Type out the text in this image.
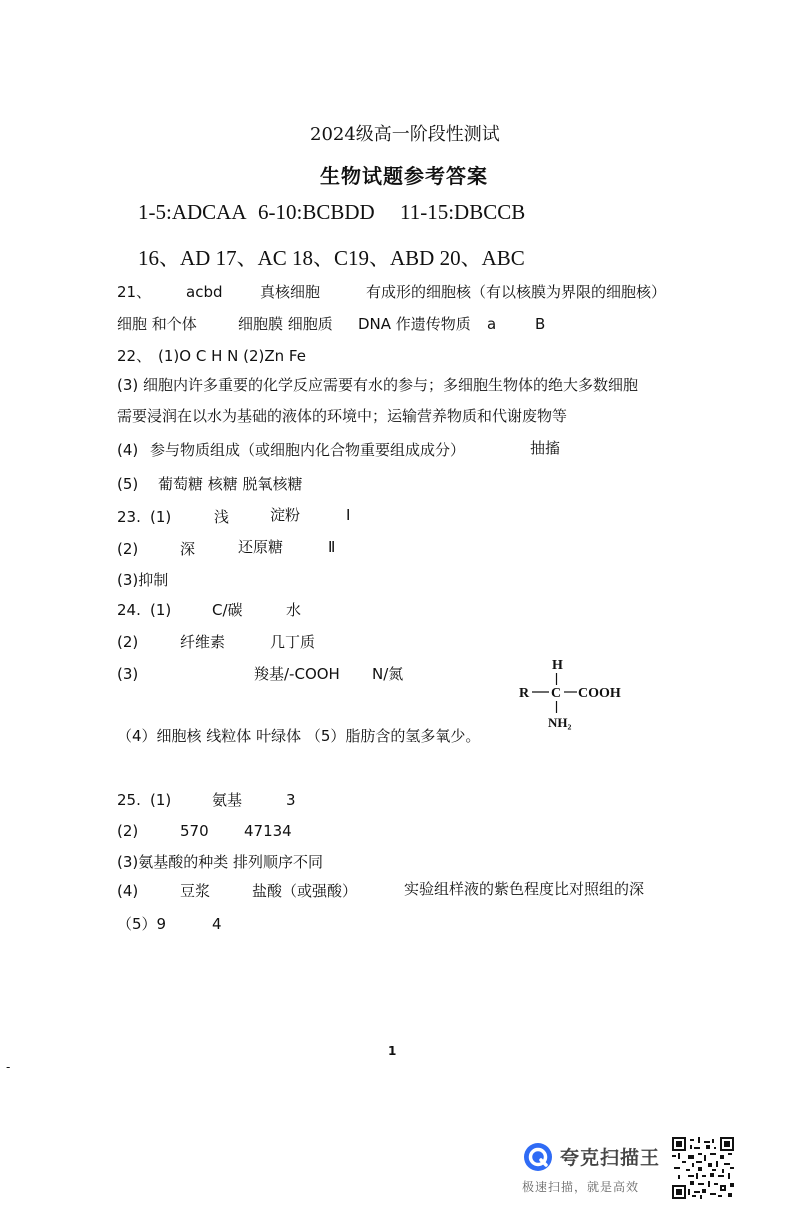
2024级高一阶段性测试
生物试题参考答案
1-5:ADCAA 6-10:BCBDD 11-15:DBCCB
16、AD 17、AC 18、C19、ABD 20、ABC
21、 acbd	真核细胞	有成形的细胞核（有以核膜为界限的细胞核）
细胞 和个体	细胞膜 细胞质 DNA 作遗传物质 a	B
22、 (1)O C H N (2)Zn Fe
(3) 细胞内许多重要的化学反应需要有水的参与；多细胞生物体的绝大多数细胞
需要浸润在以水为基础的液体的环境中；运输营养物质和代谢废物等
(4) 参与物质组成（或细胞内化合物重要组成成分）	抽搐
(5) 葡萄糖 核糖 脱氧核糖
23. (1)	浅	淀粉	Ⅰ
(2)	深	还原糖	Ⅱ
(3)抑制
24. (1)	C/碳	水
(2)	纤维素	几丁质
(3)	羧基/-COOH N/氮	H
R C COOH
NH₂
（4）细胞核 线粒体 叶绿体 （5）脂肪含的氢多氧少。
25. (1)	氨基	3
(2)	570 47134
(3)氨基酸的种类 排列顺序不同
(4)	豆浆	盐酸（或强酸）	实验组样液的紫色程度比对照组的深
（5）9	4
1
-
夸克扫描王
极速扫描，就是高效
